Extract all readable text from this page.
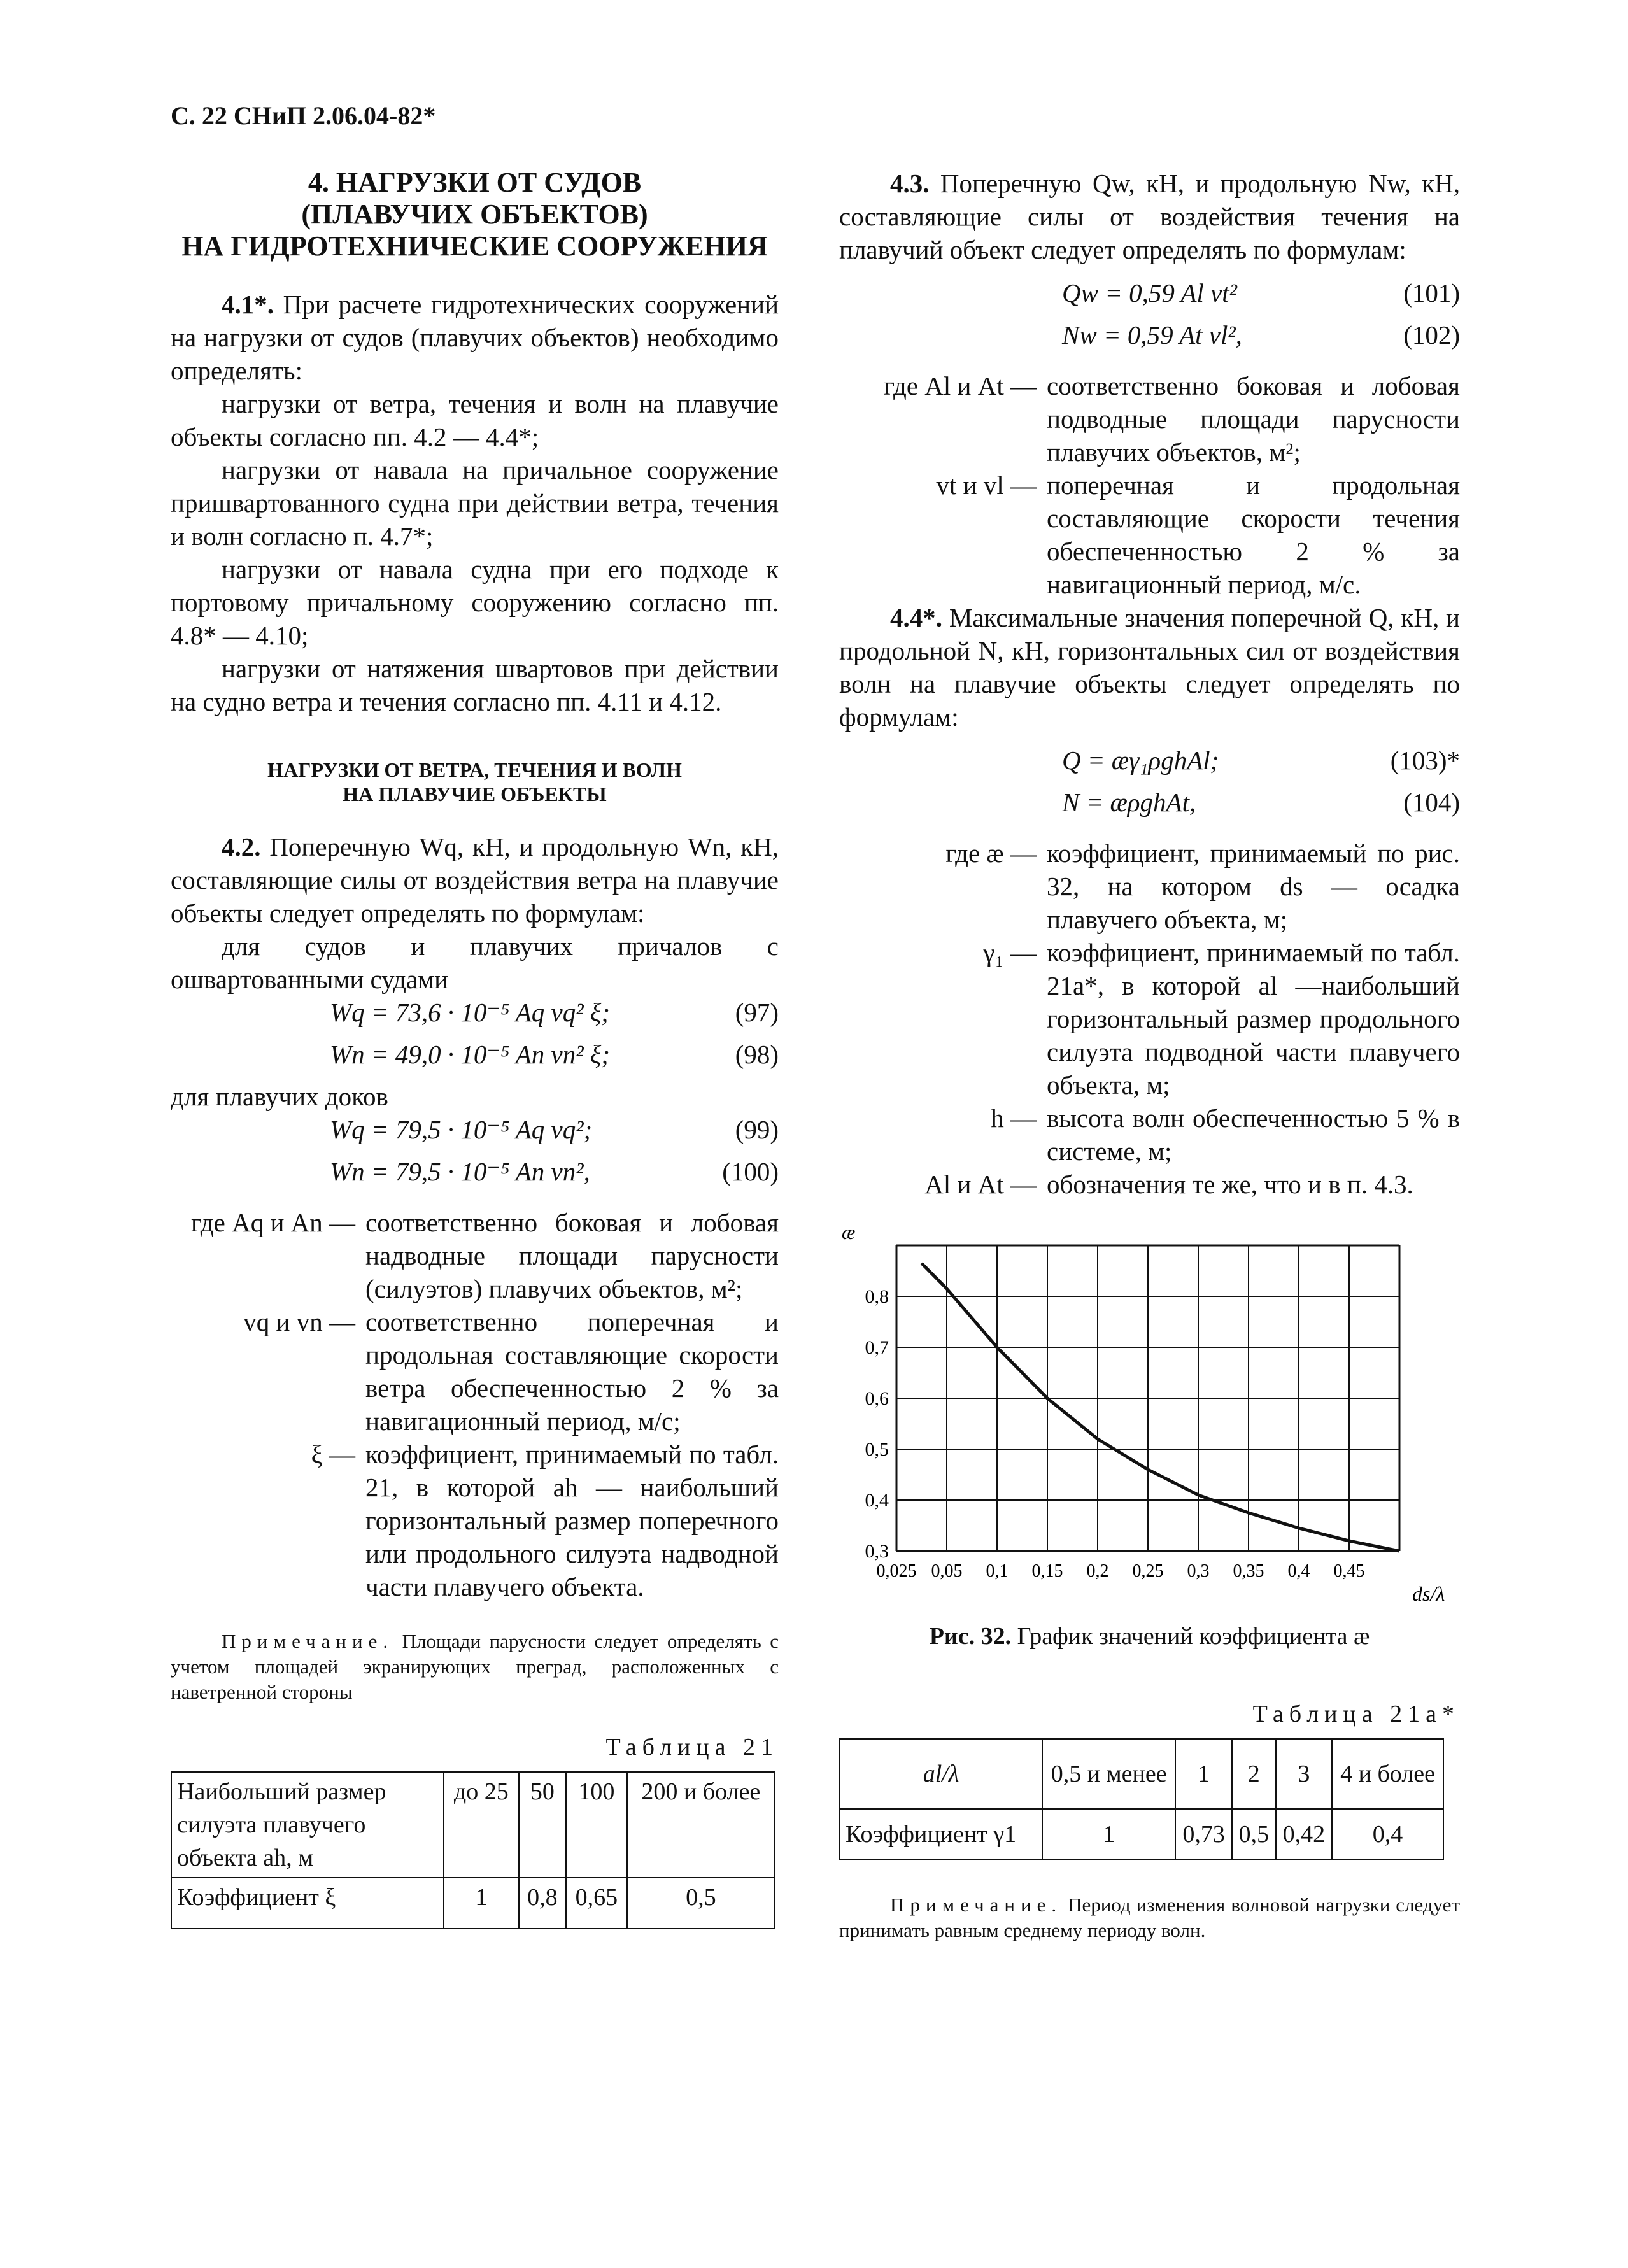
С. 22 СНиП 2.06.04-82*
4. НАГРУЗКИ ОТ СУДОВ
(ПЛАВУЧИХ ОБЪЕКТОВ)
НА ГИДРОТЕХНИЧЕСКИЕ СООРУЖЕНИЯ

4.1*. При расчете гидротехнических сооружений на нагрузки от судов (плавучих объектов) необходимо определять:

нагрузки от ветра, течения и волн на плавучие объекты согласно пп. 4.2 — 4.4*;

нагрузки от навала на причальное сооружение пришвартованного судна при действии ветра, течения и волн согласно п. 4.7*;

нагрузки от навала судна при его подходе к портовому причальному сооружению согласно пп. 4.8* — 4.10;

нагрузки от натяжения швартовов при действии на судно ветра и течения согласно пп. 4.11 и 4.12.

НАГРУЗКИ ОТ ВЕТРА, ТЕЧЕНИЯ И ВОЛН
НА ПЛАВУЧИЕ ОБЪЕКТЫ

4.2. Поперечную Wq, кН, и продольную Wn, кН, составляющие силы от воздействия ветра на плавучие объекты следует определять по формулам:

для судов и плавучих причалов с ошвартованными судами

Wq = 73,6 · 10⁻⁵ Aq vq² ξ;	(97)
Wn = 49,0 · 10⁻⁵ An vn² ξ;	(98)

для плавучих доков

Wq = 79,5 · 10⁻⁵ Aq vq²;	(99)
Wn = 79,5 · 10⁻⁵ An vn²,	(100)
где Aq и An — соответственно боковая и лобовая надводные площади парусности (силуэтов) плавучих объектов, м²;
vq и vn — соответственно поперечная и продольная составляющие скорости ветра обеспеченностью 2 % за навигационный период, м/с;
ξ — коэффициент, принимаемый по табл. 21, в которой ah — наибольший горизонтальный размер поперечного или продольного силуэта надводной части плавучего объекта.

Примечание. Площади парусности следует определять с учетом площадей экранирующих преград, расположенных с наветренной стороны

Таблица 21
Наибольший размер силуэта плавучего объекта ah, м	до 25	50	100	200 и более
Коэффициент ξ	1	0,8	0,65	0,5

4.3. Поперечную Qw, кН, и продольную Nw, кН, составляющие силы от воздействия течения на плавучий объект следует определять по формулам:

Qw = 0,59 Al vt²	(101)
Nw = 0,59 At vl²,	(102)
где Al и At — соответственно боковая и лобовая подводные площади парусности плавучих объектов, м²;
vt и vl — поперечная и продольная составляющие скорости течения обеспеченностью 2 % за навигационный период, м/с.

4.4*. Максимальные значения поперечной Q, кН, и продольной N, кН, горизонтальных сил от воздействия волн на плавучие объекты следует определять по формулам:

Q = æγ₁ρghAl;	(103)*
N = æρghAt,	(104)
где æ — коэффициент, принимаемый по рис. 32, на котором ds — осадка плавучего объекта, м;
γ₁ — коэффициент, принимаемый по табл. 21а*, в которой al —наибольший горизонтальный размер продольного силуэта подводной части плавучего объекта, м;
h — высота волн обеспеченностью 5 % в системе, м;
Al и At — обозначения те же, что и в п. 4.3.
0,3
0,4
0,5
0,6
0,7
0,8
0,025 0,05 0,1 0,15 0,2 0,25 0,3 0,35 0,4 0,45
æ
ds/λ
Рис. 32. График значений коэффициента æ
Таблица 21а*
al/λ	0,5 и менее	1	2	3	4 и более
Коэффициент γ1	1	0,73	0,5	0,42	0,4

Примечание. Период изменения волновой нагрузки следует принимать равным среднему периоду волн.
